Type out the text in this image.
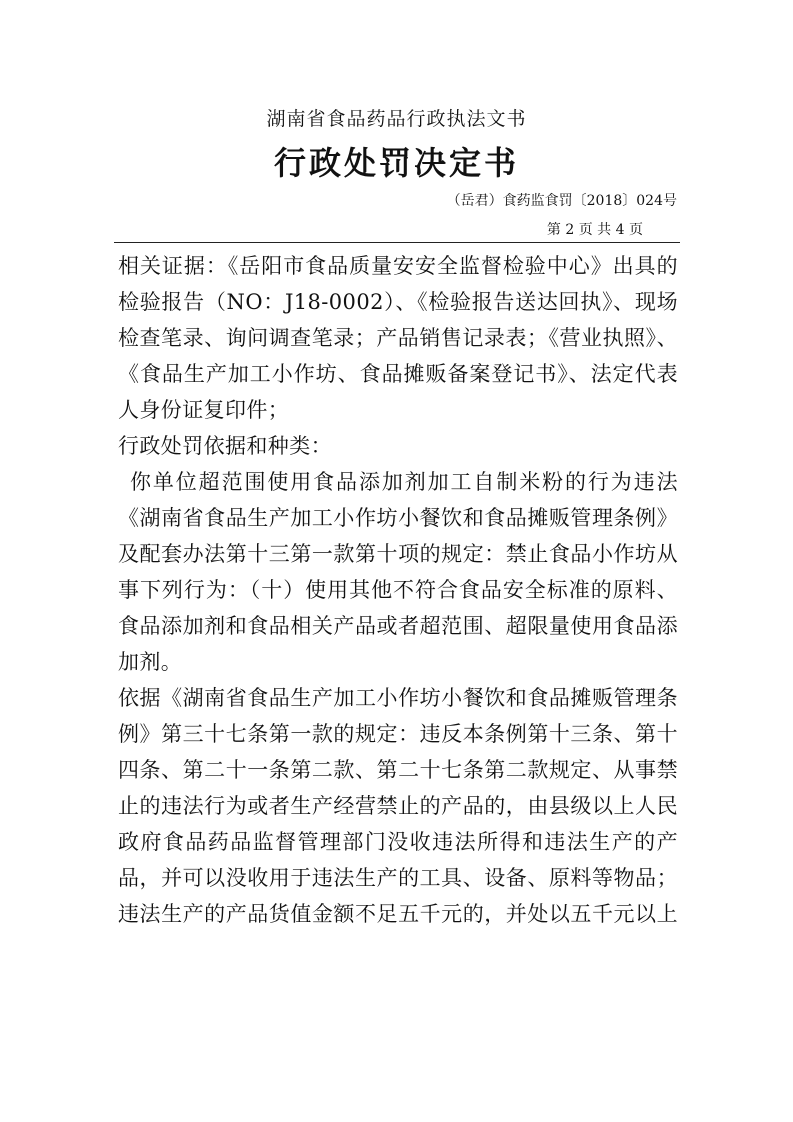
湖南省食品药品行政执法文书
行政处罚决定书
（岳君）食药监食罚〔2018〕024号
第 2 页 共 4 页
相关证据：《岳阳市食品质量安安全监督检验中心》出具的
检验报告（NO：J18-0002）、《检验报告送达回执》、现场
检查笔录、询问调查笔录；产品销售记录表；《营业执照》、
《食品生产加工小作坊、食品摊贩备案登记书》、法定代表
人身份证复印件；
行政处罚依据和种类：
你单位超范围使用食品添加剂加工自制米粉的行为违法
《湖南省食品生产加工小作坊小餐饮和食品摊贩管理条例》
及配套办法第十三第一款第十项的规定：禁止食品小作坊从
事下列行为：（十）使用其他不符合食品安全标准的原料、
食品添加剂和食品相关产品或者超范围、超限量使用食品添
加剂。
依据《湖南省食品生产加工小作坊小餐饮和食品摊贩管理条
例》第三十七条第一款的规定：违反本条例第十三条、第十
四条、第二十一条第二款、第二十七条第二款规定、从事禁
止的违法行为或者生产经营禁止的产品的，由县级以上人民
政府食品药品监督管理部门没收违法所得和违法生产的产
品，并可以没收用于违法生产的工具、设备、原料等物品；
违法生产的产品货值金额不足五千元的，并处以五千元以上
